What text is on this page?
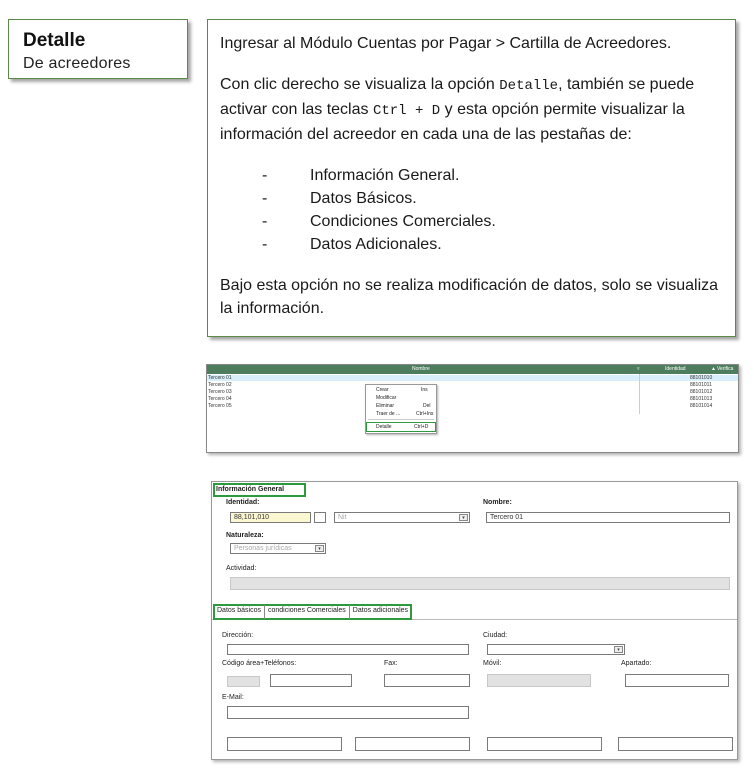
Detalle
De acreedores

Ingresar al Módulo Cuentas por Pagar > Cartilla de Acreedores.

Con clic derecho se visualiza la opción Detalle, también se puede activar con las teclas Ctrl + D y esta opción permite visualizar la información del acreedor en cada una de las pestañas de:

-	Información General.
-	Datos Básicos.
-	Condiciones Comerciales.
-	Datos Adicionales.

Bajo esta opción no se realiza modificación de datos, solo se visualiza la información.

Nombre	▿	Identidad	▲ Verifica
Tercero 01	88101010
Tercero 02	88101011
Tercero 03	88101012
Tercero 04	88101013
Tercero 05	88101014
Crear	Ins
Modificar
Eliminar	Del
Traer de ...	Ctrl+Ins
Detalle	Ctrl+D
Información General
Identidad:
88,101,010	Nit	▾
Nombre:
Tercero 01
Naturaleza:
Personas jurídicas	▾
Actividad:
Datos básicos	condiciones Comerciales	Datos adicionales
Dirección:	Ciudad:
▾
Código área+Teléfonos:	Fax:	Móvil:	Apartado:
E-Mail:
